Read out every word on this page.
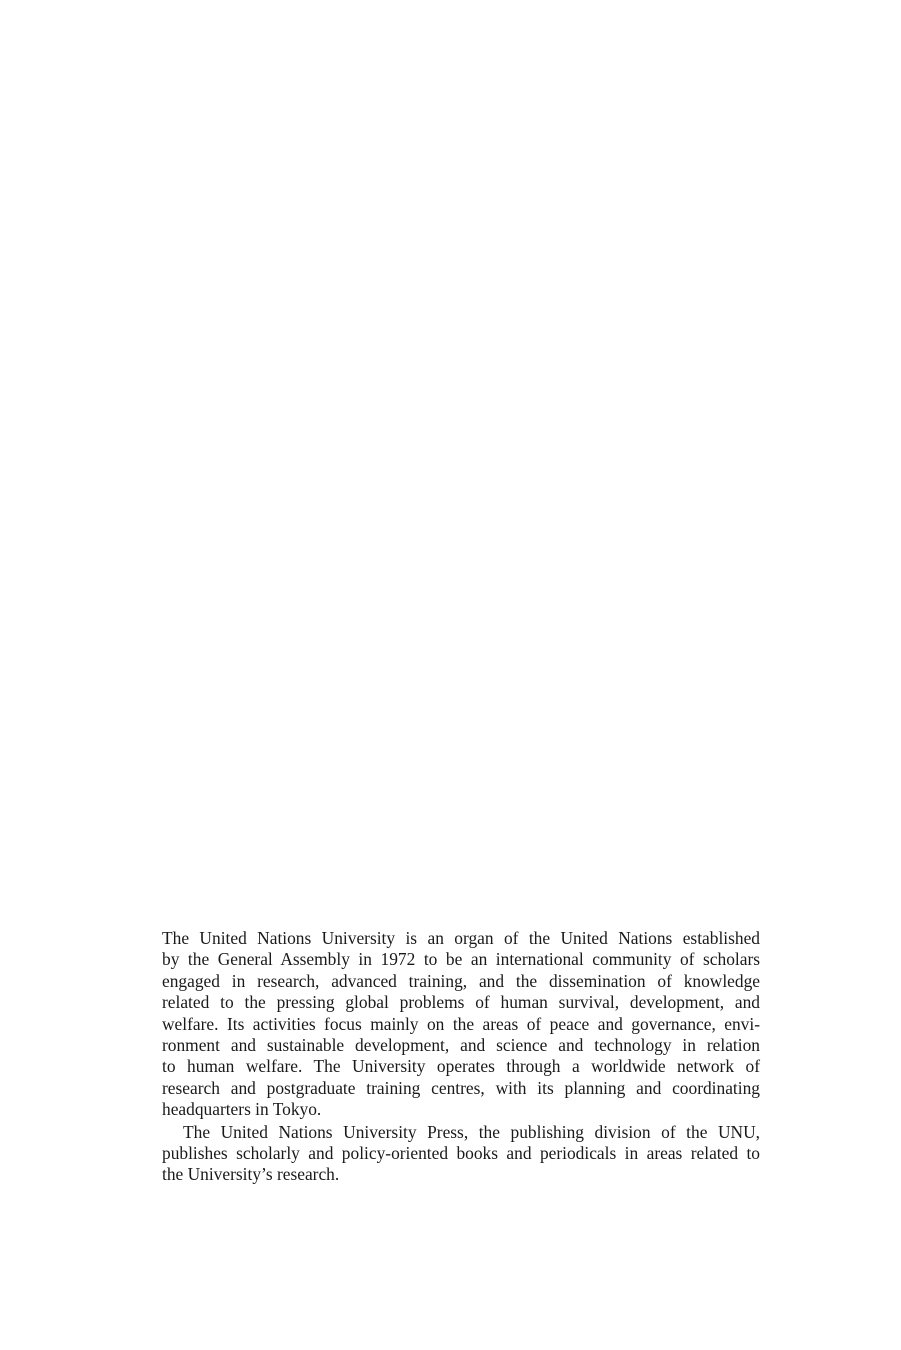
The United Nations University is an organ of the United Nations established
by the General Assembly in 1972 to be an international community of scholars
engaged in research, advanced training, and the dissemination of knowledge
related to the pressing global problems of human survival, development, and
welfare. Its activities focus mainly on the areas of peace and governance, envi-
ronment and sustainable development, and science and technology in relation
to human welfare. The University operates through a worldwide network of
research and postgraduate training centres, with its planning and coordinating
headquarters in Tokyo.
The United Nations University Press, the publishing division of the UNU,
publishes scholarly and policy-oriented books and periodicals in areas related to
the University’s research.
